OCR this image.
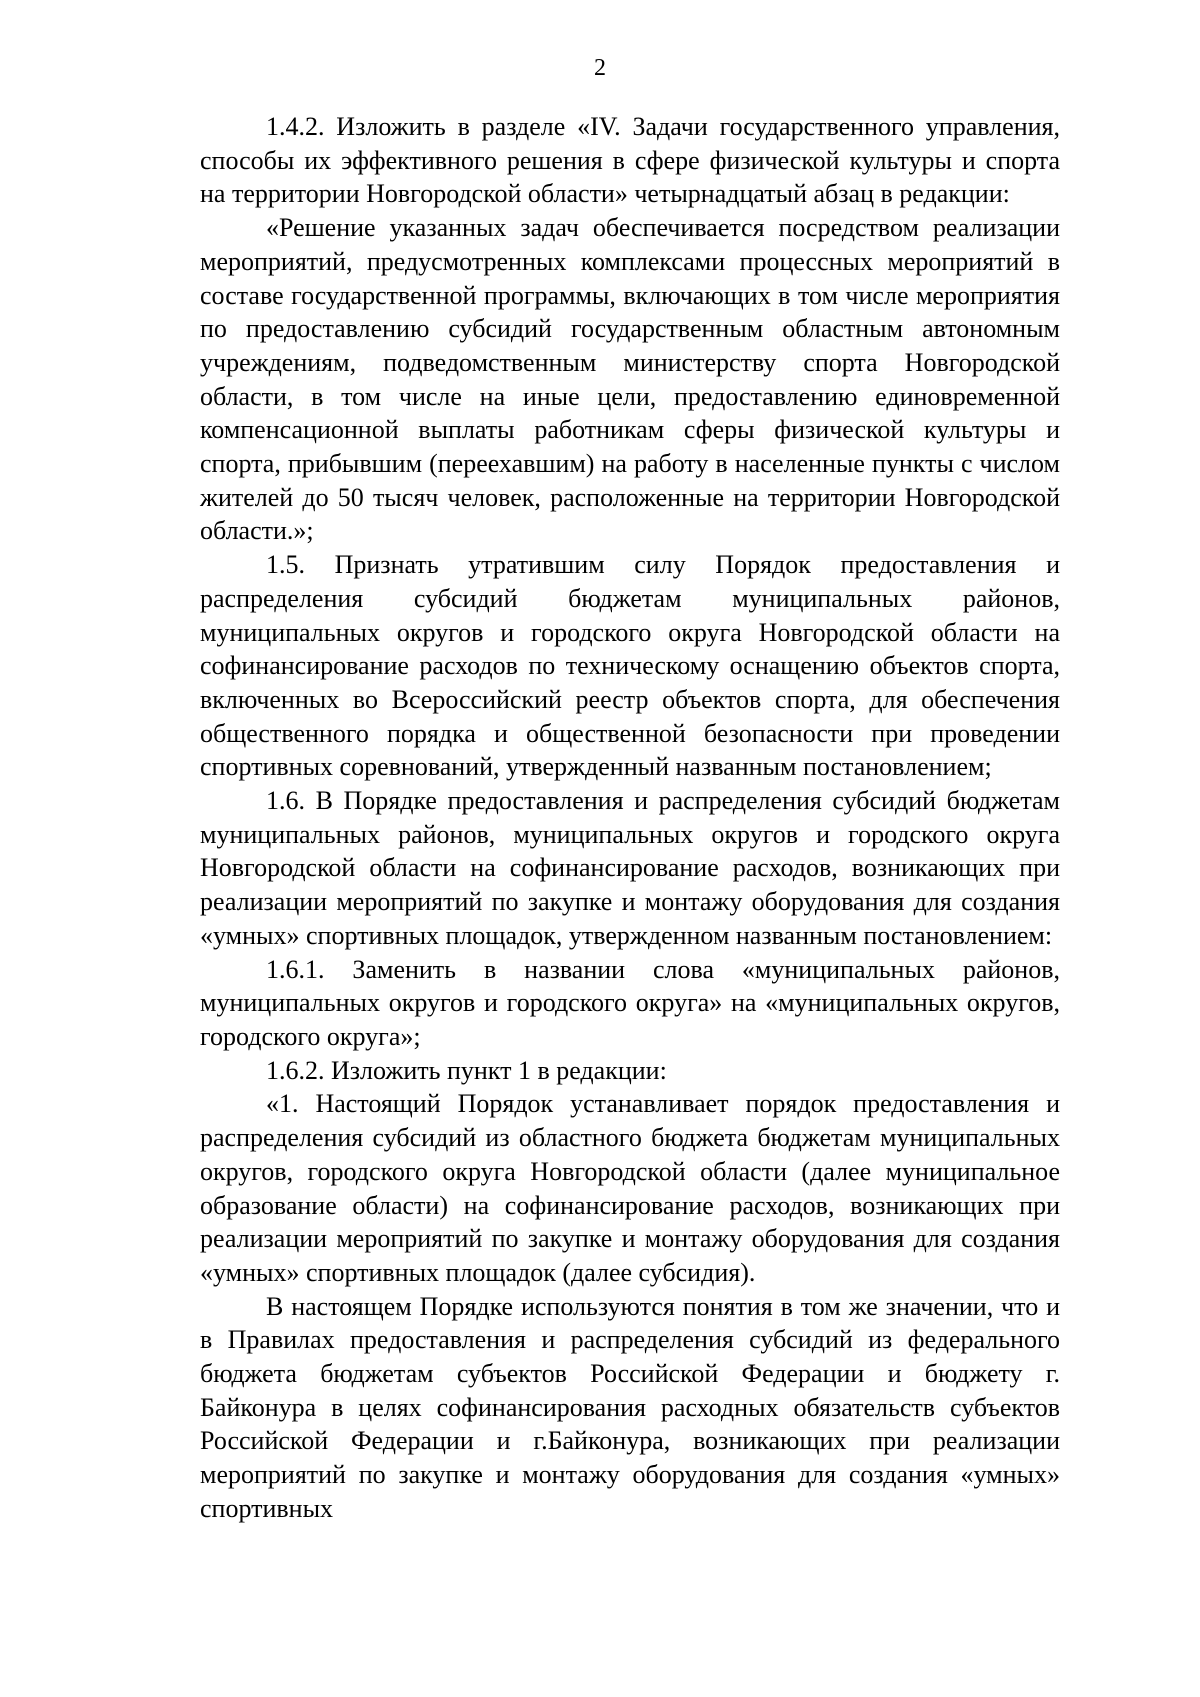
2

1.4.2. Изложить в разделе «IV. Задачи государственного управления, способы их эффективного решения в сфере физической культуры и спорта на территории Новгородской области» четырнадцатый абзац в редакции:

«Решение указанных задач обеспечивается посредством реализации мероприятий, предусмотренных комплексами процессных мероприятий в составе государственной программы, включающих в том числе мероприятия по предоставлению субсидий государственным областным автономным учреждениям, подведомственным министерству спорта Новгородской области, в том числе на иные цели, предоставлению единовременной компенсационной выплаты работникам сферы физической культуры и спорта, прибывшим (переехавшим) на работу в населенные пункты с числом жителей до 50 тысяч человек, расположенные на территории Новгородской области.»;

1.5. Признать утратившим силу Порядок предоставления и распределения субсидий бюджетам муниципальных районов, муниципальных округов и городского округа Новгородской области на софинансирование расходов по техническому оснащению объектов спорта, включенных во Всероссийский реестр объектов спорта, для обеспечения общественного порядка и общественной безопасности при проведении спортивных соревнований, утвержденный названным постановлением;

1.6. В Порядке предоставления и распределения субсидий бюджетам муниципальных районов, муниципальных округов и городского округа Новгородской области на софинансирование расходов, возникающих при реализации мероприятий по закупке и монтажу оборудования для создания «умных» спортивных площадок, утвержденном названным постановлением:

1.6.1. Заменить в названии слова «муниципальных районов, муниципальных округов и городского округа» на «муниципальных округов, городского округа»;

1.6.2. Изложить пункт 1 в редакции:

«1. Настоящий Порядок устанавливает порядок предоставления и распределения субсидий из областного бюджета бюджетам муниципальных округов, городского округа Новгородской области (далее муниципальное образование области) на софинансирование расходов, возникающих при реализации мероприятий по закупке и монтажу оборудования для создания «умных» спортивных площадок (далее субсидия).

В настоящем Порядке используются понятия в том же значении, что и в Правилах предоставления и распределения субсидий из федерального бюджета бюджетам субъектов Российской Федерации и бюджету г. Байконура в целях софинансирования расходных обязательств субъектов Российской Федерации и г.Байконура, возникающих при реализации мероприятий по закупке и монтажу оборудования для создания «умных» спортивных
